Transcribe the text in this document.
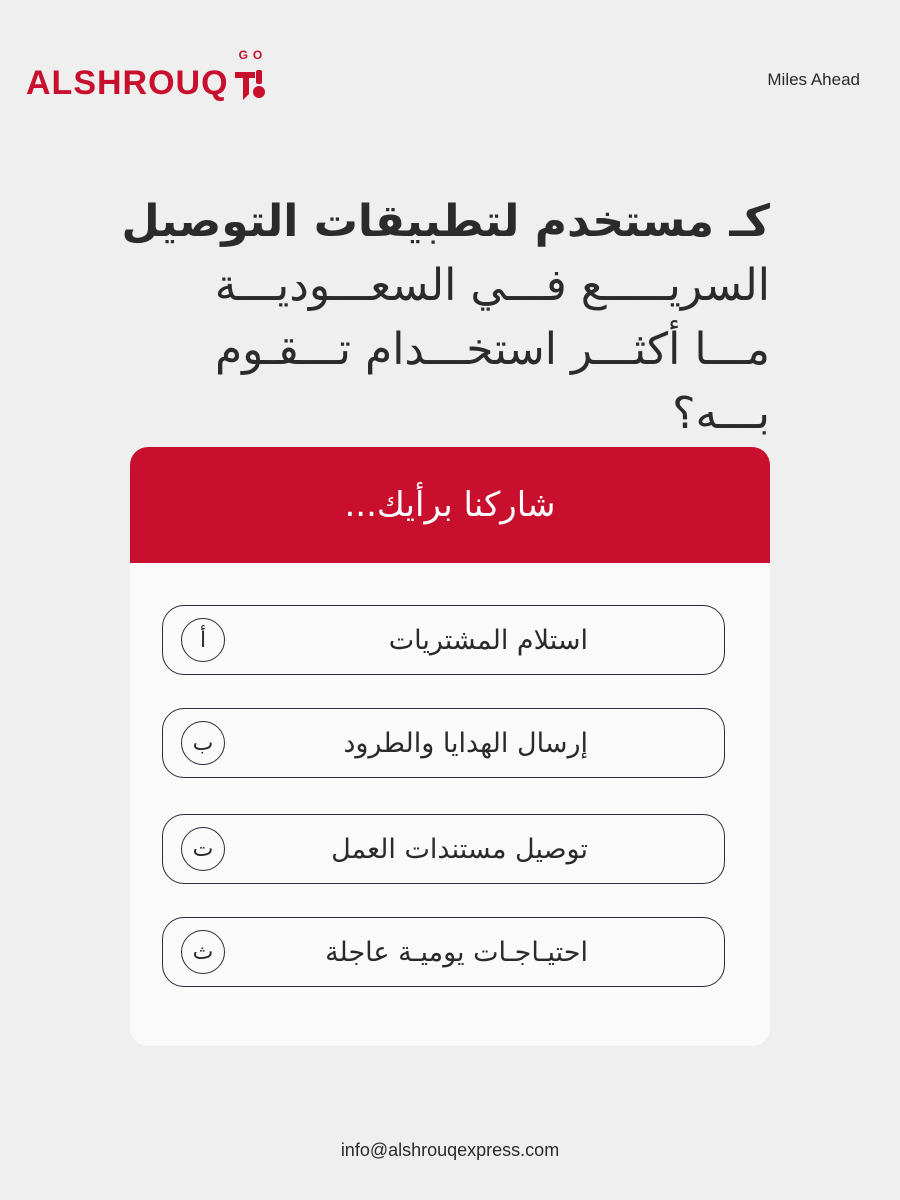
ALSHROUQ
GO
Miles Ahead
كـ مستخدم لتطبيقات التوصيل
السريـــــع فـــي السعـــوديـــة
مـــا أكثـــر استخـــدام تـــقـوم بـــه؟
شاركنا برأيك...
استلام المشتريات
أ
إرسال الهدايا والطرود
ب
توصيل مستندات العمل
ت
احتيـاجـات يوميـة عاجلة
ث
info@alshrouqexpress.com
